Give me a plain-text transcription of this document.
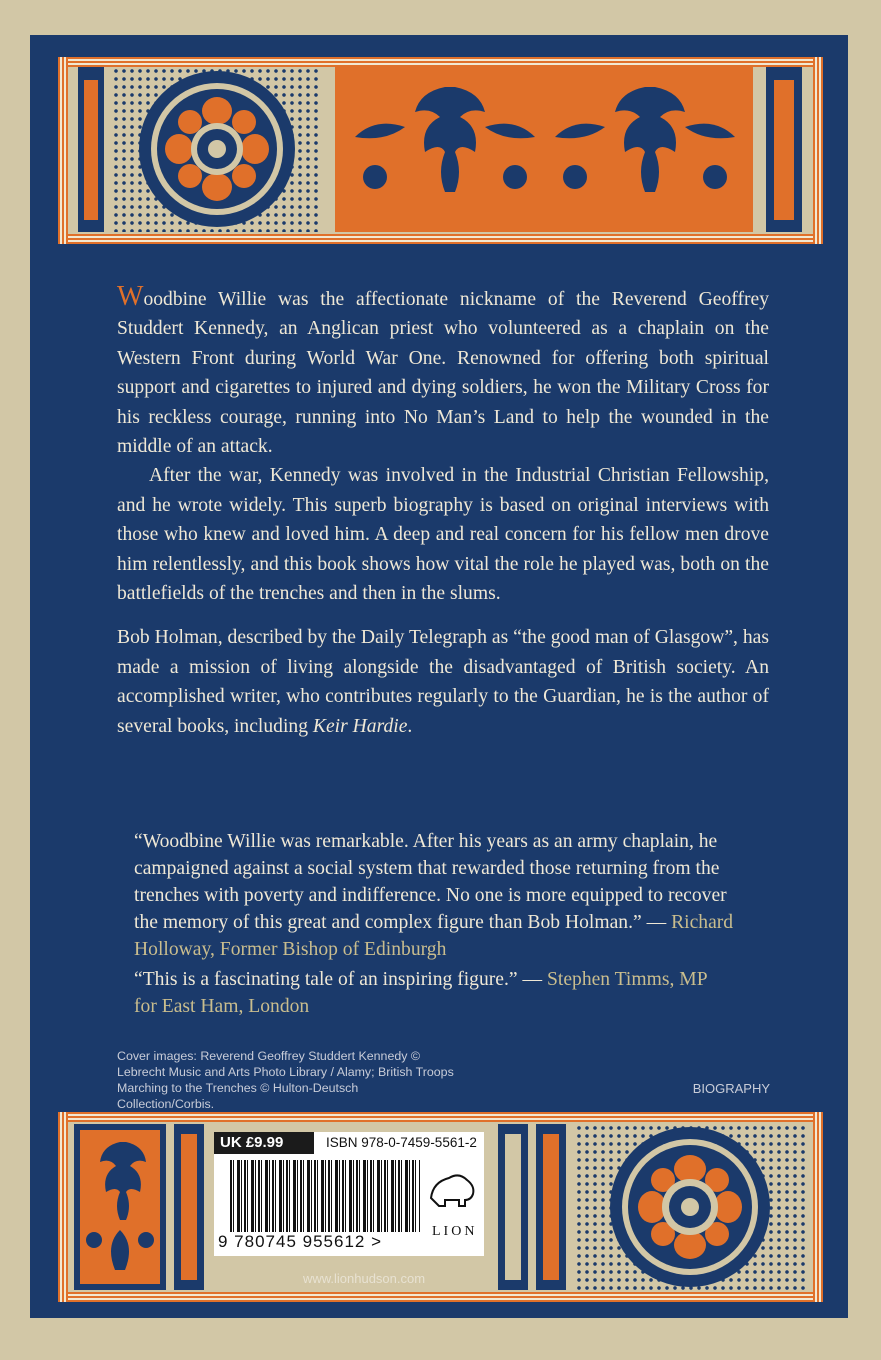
Woodbine Willie was the affectionate nickname of the Reverend Geoffrey Studdert Kennedy, an Anglican priest who volunteered as a chaplain on the Western Front during World War One. Renowned for offering both spiritual support and cigarettes to injured and dying soldiers, he won the Military Cross for his reckless courage, running into No Man’s Land to help the wounded in the middle of an attack.

After the war, Kennedy was involved in the Industrial Christian Fellowship, and he wrote widely. This superb biography is based on original interviews with those who knew and loved him. A deep and real concern for his fellow men drove him relentlessly, and this book shows how vital the role he played was, both on the battlefields of the trenches and then in the slums.

Bob Holman, described by the Daily Telegraph as “the good man of Glasgow”, has made a mission of living alongside the disadvantaged of British society. An accomplished writer, who contributes regularly to the Guardian, he is the author of several books, including Keir Hardie.

“Woodbine Willie was remarkable. After his years as an army chaplain, he campaigned against a social system that rewarded those returning from the trenches with poverty and indifference. No one is more equipped to recover the memory of this great and complex figure than Bob Holman.” — Richard Holloway, Former Bishop of Edinburgh
“This is a fascinating tale of an inspiring figure.” — Stephen Timms, MP for East Ham, London
Cover images: Reverend Geoffrey Studdert Kennedy © Lebrecht Music and Arts Photo Library / Alamy; British Troops Marching to the Trenches © Hulton-Deutsch Collection/Corbis.
BIOGRAPHY
UK £9.99	ISBN 978-0-7459-5561-2
9 780745 955612 >
LION
www.lionhudson.com
